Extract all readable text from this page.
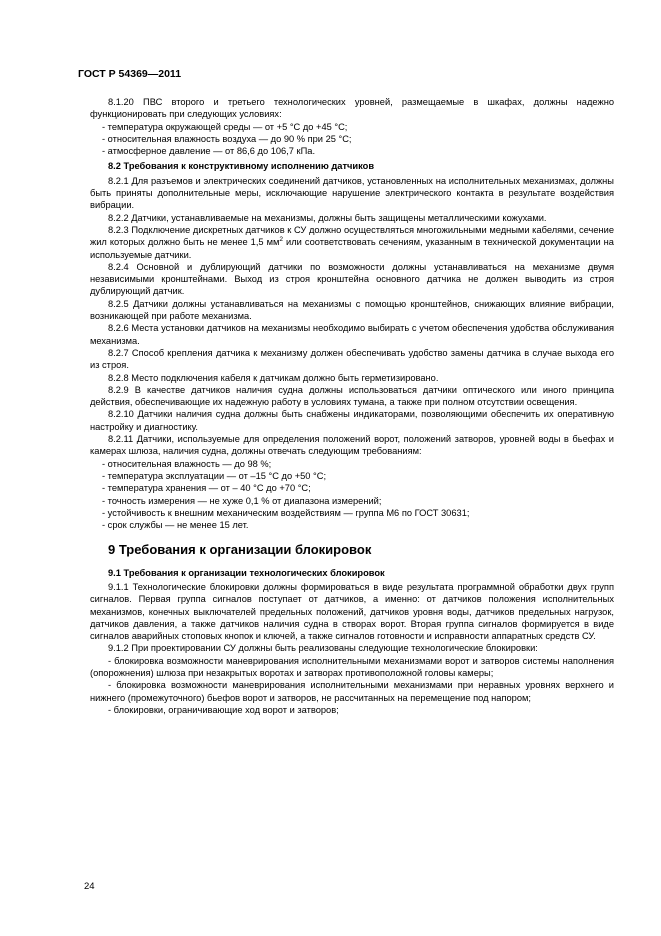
ГОСТ Р 54369—2011

8.1.20 ПВС второго и третьего технологических уровней, размещаемые в шкафах, должны надежно функционировать при следующих условиях:

- температура окружающей среды — от +5 °С до +45 °С;

- относительная влажность воздуха — до 90 % при 25 °С;

- атмосферное давление — от 86,6 до 106,7 кПа.

8.2 Требования к конструктивному исполнению датчиков

8.2.1 Для разъемов и электрических соединений датчиков, установленных на исполнительных механизмах, должны быть приняты дополнительные меры, исключающие нарушение электрического контакта в результате воздействия вибрации.

8.2.2 Датчики, устанавливаемые на механизмы, должны быть защищены металлическими кожухами.

8.2.3 Подключение дискретных датчиков к СУ должно осуществляться многожильными медными кабелями, сечение жил которых должно быть не менее 1,5 $мм^2$ или соответствовать сечениям, указанным в технической документации на используемые датчики.

8.2.4 Основной и дублирующий датчики по возможности должны устанавливаться на механизме двумя независимыми кронштейнами. Выход из строя кронштейна основного датчика не должен выводить из строя дублирующий датчик.

8.2.5 Датчики должны устанавливаться на механизмы с помощью кронштейнов, снижающих влияние вибрации, возникающей при работе механизма.

8.2.6 Места установки датчиков на механизмы необходимо выбирать с учетом обеспечения удобства обслуживания механизма.

8.2.7 Способ крепления датчика к механизму должен обеспечивать удобство замены датчика в случае выхода его из строя.

8.2.8 Место подключения кабеля к датчикам должно быть герметизировано.

8.2.9 В качестве датчиков наличия судна должны использоваться датчики оптического или иного принципа действия, обеспечивающие их надежную работу в условиях тумана, а также при полном отсутствии освещения.

8.2.10 Датчики наличия судна должны быть снабжены индикаторами, позволяющими обеспечить их оперативную настройку и диагностику.

8.2.11 Датчики, используемые для определения положений ворот, положений затворов, уровней воды в бьефах и камерах шлюза, наличия судна, должны отвечать следующим требованиям:

- относительная влажность — до 98 %;

- температура эксплуатации — от –15 °С до +50 °С;

- температура хранения — от – 40 °С до +70 °С;

- точность измерения — не хуже 0,1 % от диапазона измерений;

- устойчивость к внешним механическим воздействиям — группа М6 по ГОСТ 30631;

- срок службы — не менее 15 лет.

9 Требования к организации блокировок

9.1 Требования к организации технологических блокировок

9.1.1 Технологические блокировки должны формироваться в виде результата программной обработки двух групп сигналов. Первая группа сигналов поступает от датчиков, а именно: от датчиков положения исполнительных механизмов, конечных выключателей предельных положений, датчиков уровня воды, датчиков предельных нагрузок, датчиков давления, а также датчиков наличия судна в створах ворот. Вторая группа сигналов формируется в виде сигналов аварийных стоповых кнопок и ключей, а также сигналов готовности и исправности аппаратных средств СУ.

9.1.2 При проектировании СУ должны быть реализованы следующие технологические блокировки:

- блокировка возможности маневрирования исполнительными механизмами ворот и затворов системы наполнения (опорожнения) шлюза при незакрытых воротах и затворах противоположной головы камеры;

- блокировка возможности маневрирования исполнительными механизмами при неравных уровнях верхнего и нижнего (промежуточного) бьефов ворот и затворов, не рассчитанных на перемещение под напором;

- блокировки, ограничивающие ход ворот и затворов;

24
